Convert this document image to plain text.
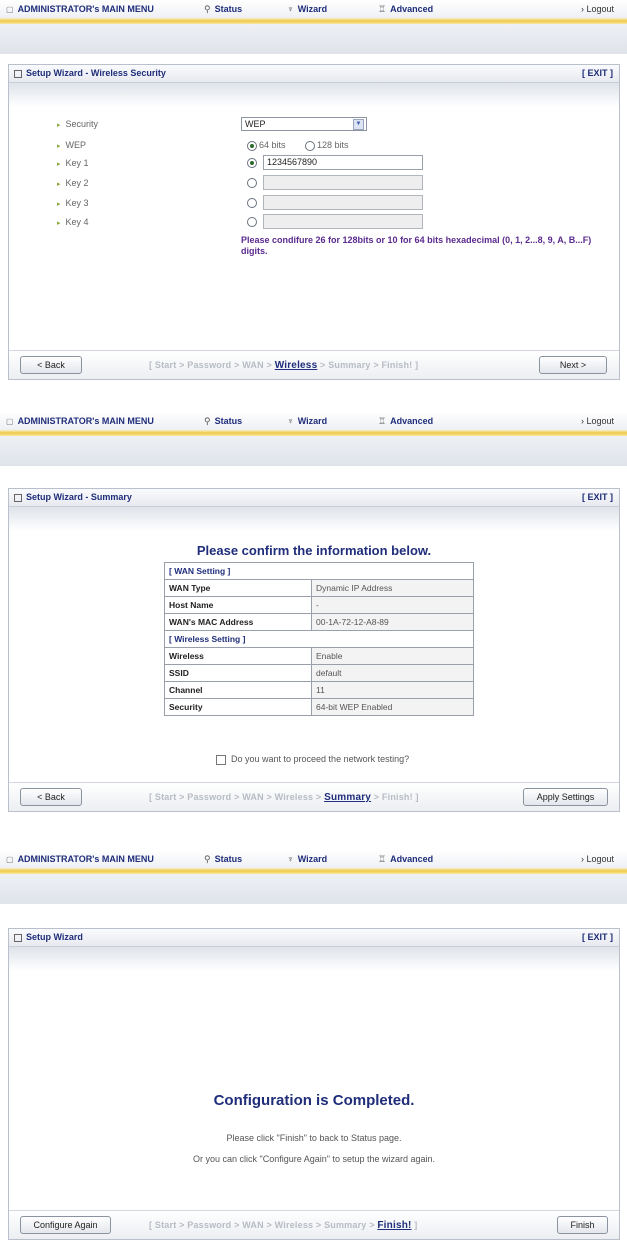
▢ ADMINISTRATOR's MAIN MENU	⚲ Status	♆ Wizard	♖ Advanced	› Logout
Setup Wizard - Wireless Security	[ EXIT ]
▸ Security	WEP	▼
▸ WEP	64 bits	128 bits
▸ Key 1	1234567890
▸ Key 2
▸ Key 3
▸ Key 4
Please condifure 26 for 128bits or 10 for 64 bits hexadecimal (0, 1, 2...8, 9, A, B...F) digits.
< Back	[ Start > Password > WAN > Wireless > Summary > Finish! ]	Next >
▢ ADMINISTRATOR's MAIN MENU	⚲ Status	♆ Wizard	♖ Advanced	› Logout
Setup Wizard - Summary	[ EXIT ]
Please confirm the information below.
[ WAN Setting ]	
WAN Type	Dynamic IP Address
Host Name	-
WAN's MAC Address	00-1A-72-12-A8-89
[ Wireless Setting ]	
Wireless	Enable
SSID	default
Channel	11
Security	64-bit WEP Enabled
Do you want to proceed the network testing?
< Back	[ Start > Password > WAN > Wireless > Summary > Finish! ]	Apply Settings
▢ ADMINISTRATOR's MAIN MENU	⚲ Status	♆ Wizard	♖ Advanced	› Logout
Setup Wizard	[ EXIT ]
Configuration is Completed.
Please click "Finish" to back to Status page.
Or you can click "Configure Again" to setup the wizard again.
Configure Again	[ Start > Password > WAN > Wireless > Summary > Finish! ]	Finish
